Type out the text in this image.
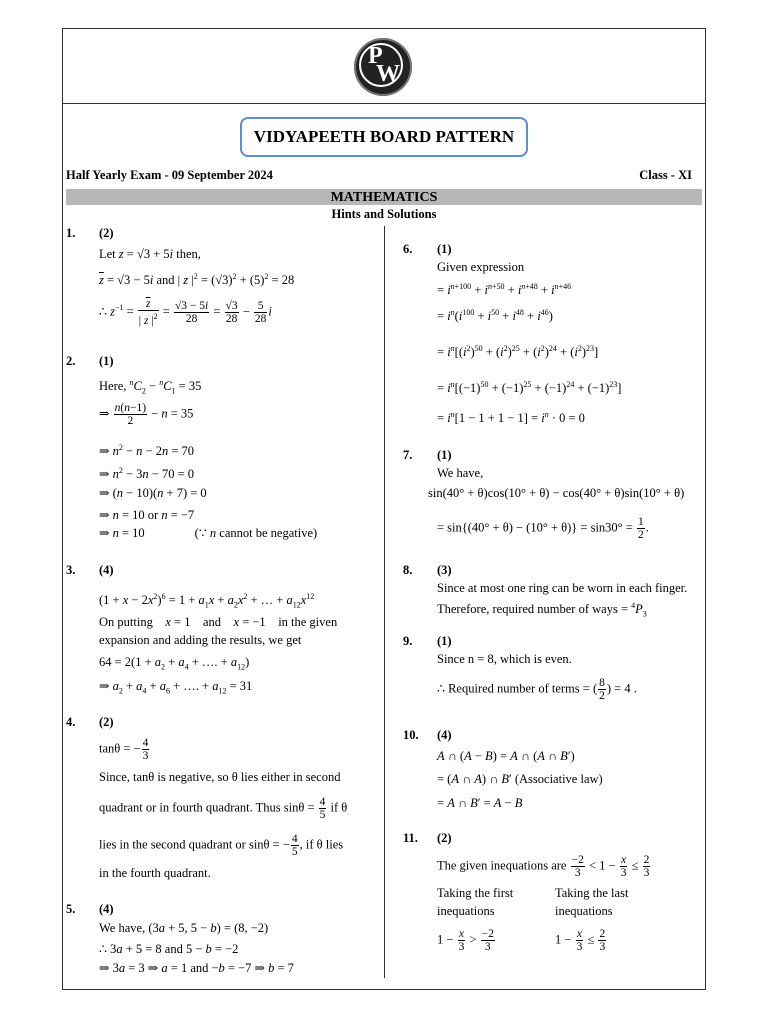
P
W
VIDYAPEETH BOARD PATTERN
Half Yearly Exam - 09 September 2024	Class - XI
MATHEMATICS
Hints and Solutions
1. (2)
Let z = √3 + 5i then,
$\overline{z} = √3 - 5i$ and | z $|^2 = (√3)^2 + (5)^2 = 28$
∴ $z^{-1} = \frac{\overline{z}}{| z |^2} = \frac{√3 - 5i}{28} = \frac{√3}{28} - \frac{5}{28}$ i
2. (1)
Here, $^nC_2 - ^nC_1 = 35$
⇒ $\frac{n(n-1)}{2} - n = 35$
⇒ $n^2 - n - 2n = 70$
⇒ $n^2 - 3n - 70 = 0$
⇒ (n − 10)(n + 7) = 0
⇒ n = 10 or n = −7
⇒ n = 10                (∵ n cannot be negative)
3. (4)
$(1 + x - 2x^2)^6 = 1 + a_1x + a_2x^2$ + … + $a_{12}x^{12}$
On putting x = 1    and x = −1    in the given
expansion and adding the results, we get
$64 = 2(1 + a_2 + a_4$ + …. + $a_{12}$)
⇒ $a_2 + a_4 + a_6$ + …. + $a_{12} = 31$
4. (2)
tanθ = − $\frac{4}{3}$
Since, tanθ is negative, so θ lies either in second
quadrant or in fourth quadrant. Thus $\sin\theta = \frac{4}{5}$ if θ
lies in the second quadrant or sinθ = − $\frac{4}{5}$ , if θ lies
in the fourth quadrant.
5. (4)
We have, (3a + 5, 5 − b) = (8, −2)
∴ 3a + 5 = 8 and 5 − b = −2
⇒ 3a = 3 ⇒ a = 1 and −b = −7 ⇒ b = 7
6. (1)
Given expression
= $i^{n+100} + i^{n+50} + i^{n+48} + i^{n+46}$
= $i^n(i^{100} + i^{50} + i^{48} + i^{46})$
= $i^n[(i^2)^{50} + (i^2)^{25} + (i^2)^{24} + (i^2)^{23}]$
= $i^n[(-1)^{50} + (-1)^{25} + (-1)^{24} + (-1)^{23}]$
= $i^n[1 - 1 + 1 - 1] = i^n \cdot 0 = 0$
7. (1)
We have,
sin(40° + θ)cos(10° + θ) − cos(40° + θ)sin(10° + θ)
= $\sin\{(40^\circ + \theta) - (10^\circ + \theta)\} = \sin 30^\circ = \frac{1}{2}$ .
8. (3)
Since at most one ring can be worn in each finger.
Therefore, required number of ways = $^4P_3$
9. (1)
Since n = 8, which is even.
∴ Required number of terms = ( $\frac{8}{2}$ ) = 4 .
10. (4)
A ∩ (A − B) = A ∩ (A ∩ B′)
= (A ∩ A) ∩ B′ (Associative law)
= A ∩ B′ = A − B
11. (2)
The given inequations are $\frac{-2}{3} < 1 - \frac{x}{3} \le \frac{2}{3}$
Taking the first
inequations
Taking the last
inequations
$1 - \frac{x}{3} > \frac{-2}{3}$	$1 - \frac{x}{3} \le \frac{2}{3}$
